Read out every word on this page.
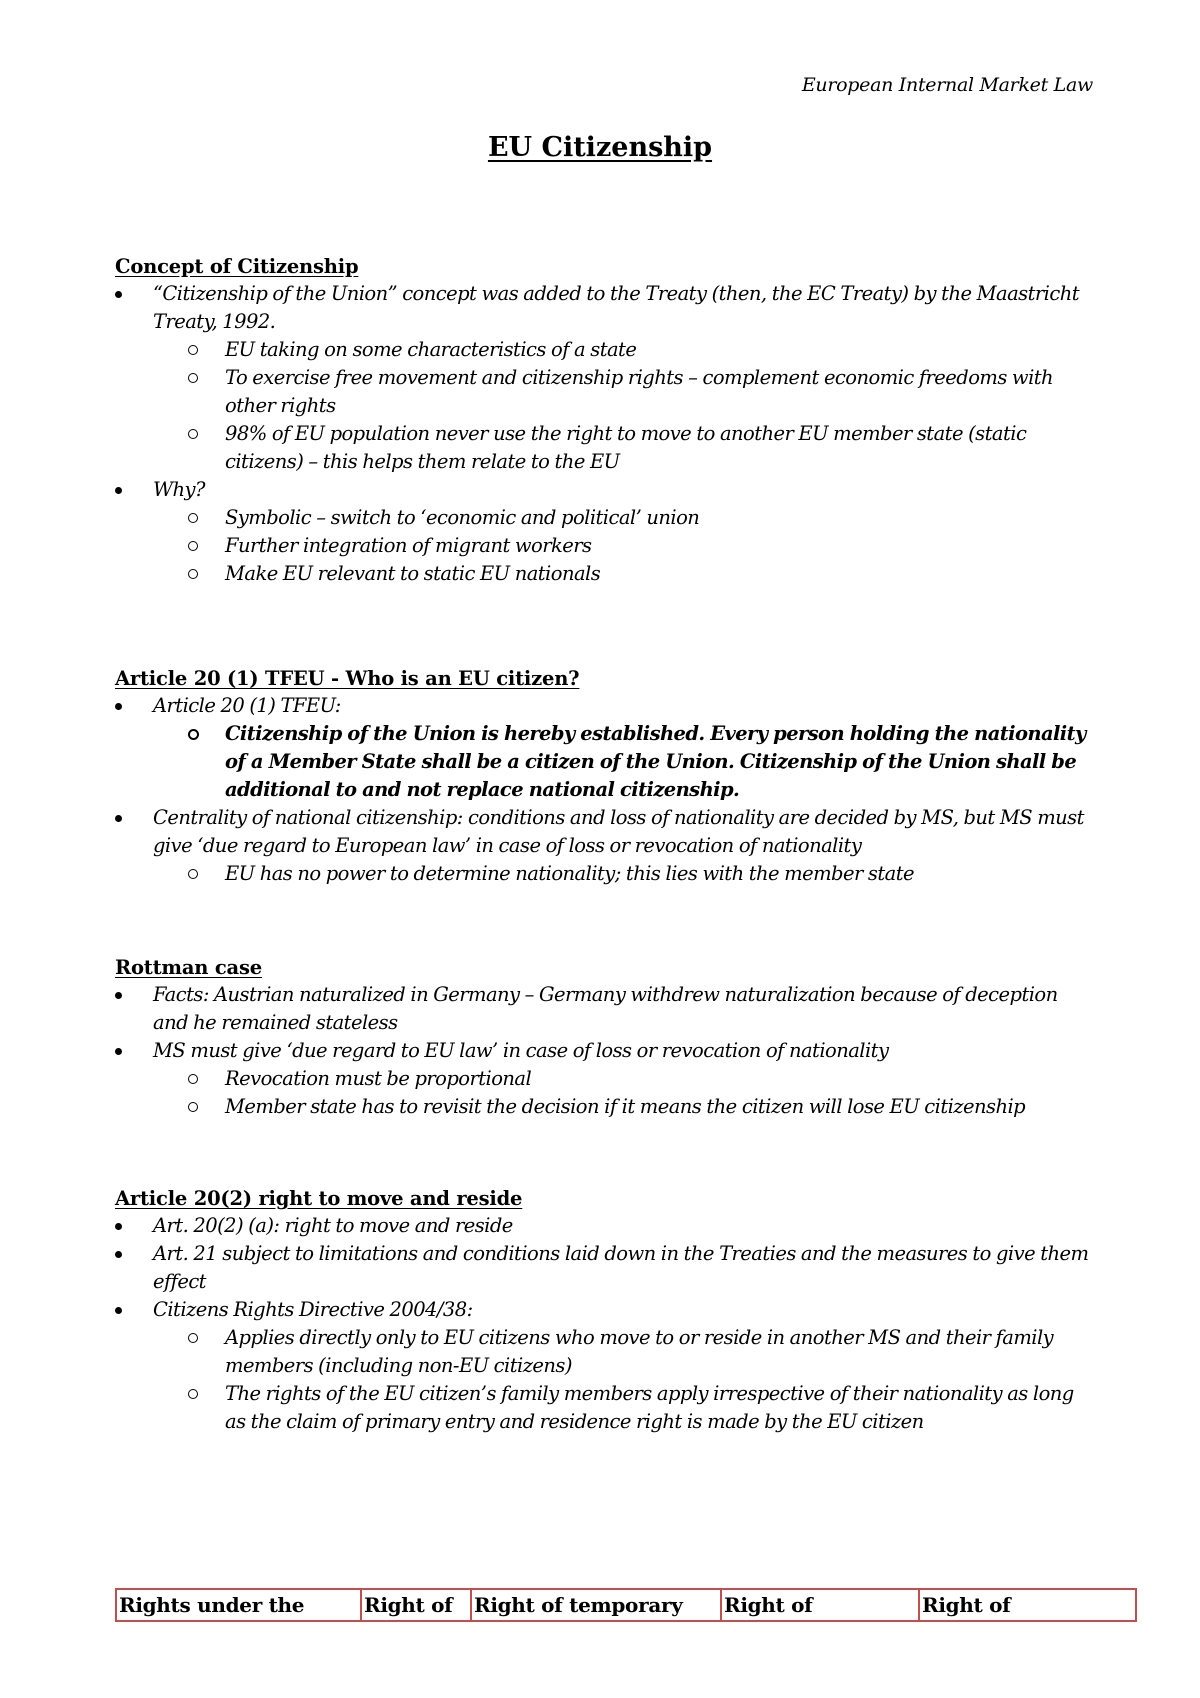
European Internal Market Law
EU Citizenship
Concept of Citizenship
“Citizenship of the Union” concept was added to the Treaty (then, the EC Treaty) by the Maastricht Treaty, 1992.
EU taking on some characteristics of a state
To exercise free movement and citizenship rights – complement economic freedoms with other rights
98% of EU population never use the right to move to another EU member state (static citizens) – this helps them relate to the EU
Why?
Symbolic – switch to ‘economic and political’ union
Further integration of migrant workers
Make EU relevant to static EU nationals
Article 20 (1) TFEU - Who is an EU citizen?
Article 20 (1) TFEU:
Citizenship of the Union is hereby established. Every person holding the nationality of a Member State shall be a citizen of the Union. Citizenship of the Union shall be additional to and not replace national citizenship.
Centrality of national citizenship: conditions and loss of nationality are decided by MS, but MS must give ‘due regard to European law’ in case of loss or revocation of nationality
EU has no power to determine nationality; this lies with the member state
Rottman case
Facts: Austrian naturalized in Germany – Germany withdrew naturalization because of deception and he remained stateless
MS must give ‘due regard to EU law’ in case of loss or revocation of nationality
Revocation must be proportional
Member state has to revisit the decision if it means the citizen will lose EU citizenship
Article 20(2) right to move and reside
Art. 20(2) (a): right to move and reside
Art. 21 subject to limitations and conditions laid down in the Treaties and the measures to give them effect
Citizens Rights Directive 2004/38:
Applies directly only to EU citizens who move to or reside in another MS and their family members (including non-EU citizens)
The rights of the EU citizen’s family members apply irrespective of their nationality as long as the claim of primary entry and residence right is made by the EU citizen
Rights under the	Right of	Right of temporary	Right of	Right of
